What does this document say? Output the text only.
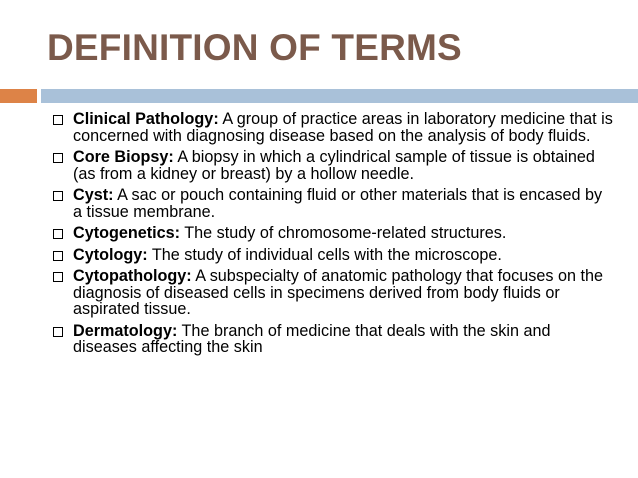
DEFINITION OF TERMS
Clinical Pathology: A group of practice areas in laboratory medicine that is concerned with diagnosing disease based on the analysis of body fluids.
Core Biopsy: A biopsy in which a cylindrical sample of tissue is obtained (as from a kidney or breast) by a hollow needle.
Cyst: A sac or pouch containing fluid or other materials that is encased by a tissue membrane.
Cytogenetics: The study of chromosome-related structures.
Cytology: The study of individual cells with the microscope.
Cytopathology: A subspecialty of anatomic pathology that focuses on the diagnosis of diseased cells in specimens derived from body fluids or aspirated tissue.
Dermatology: The branch of medicine that deals with the skin and diseases affecting the skin
